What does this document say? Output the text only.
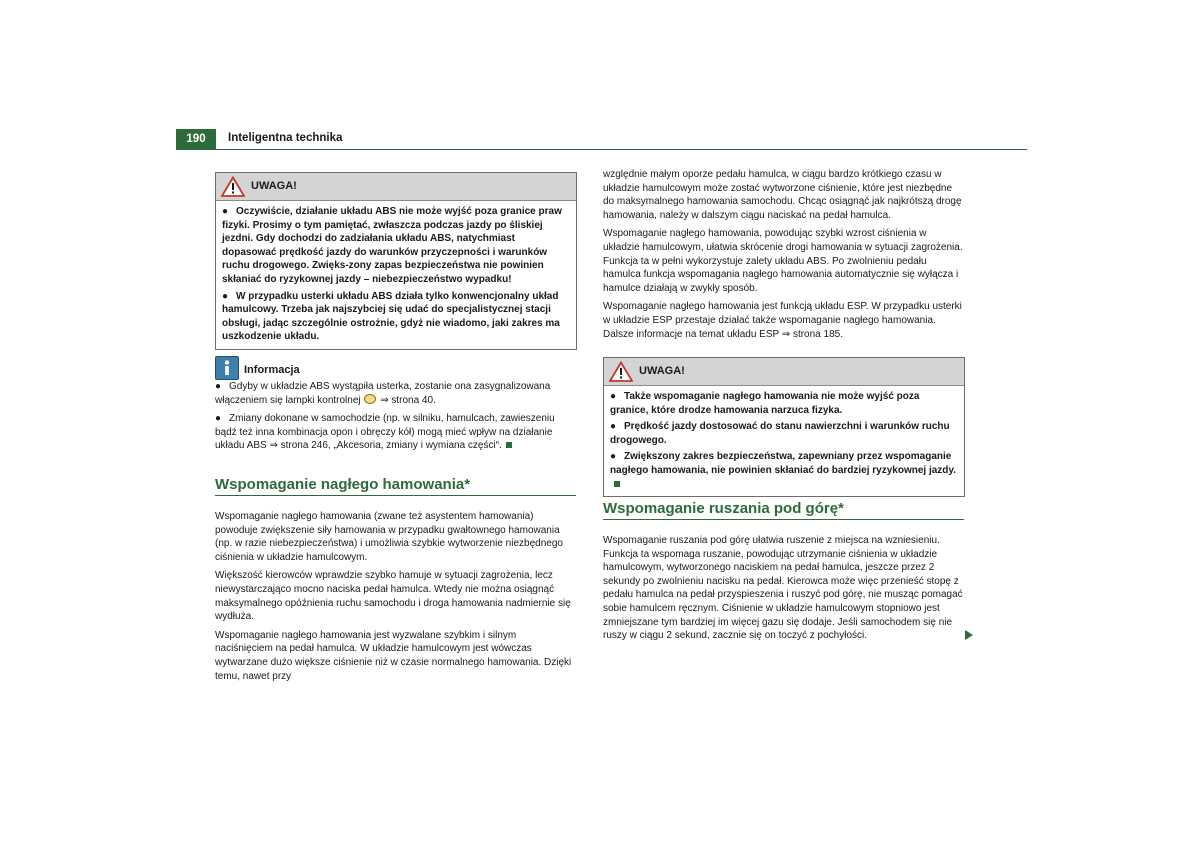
190	Inteligentna technika
UWAGA!

● Oczywiście, działanie układu ABS nie może wyjść poza granice praw fizyki. Prosimy o tym pamiętać, zwłaszcza podczas jazdy po śliskiej jezdni. Gdy dochodzi do zadziałania układu ABS, natychmiast dopasować prędkość jazdy do warunków przyczepności i warunków ruchu drogowego. Zwięks-zony zapas bezpieczeństwa nie powinien skłaniać do ryzykownej jazdy – niebezpieczeństwo wypadku!

● W przypadku usterki układu ABS działa tylko konwencjonalny układ hamulcowy. Trzeba jak najszybciej się udać do specjalistycznej stacji obsługi, jadąc szczególnie ostrożnie, gdyż nie wiadomo, jaki zakres ma uszkodzenie układu.

Informacja

● Gdyby w układzie ABS wystąpiła usterka, zostanie ona zasygnalizowana włączeniem się lampki kontrolnej ⇒ strona 40.

● Zmiany dokonane w samochodzie (np. w silniku, hamulcach, zawieszeniu bądź też inna kombinacja opon i obręczy kół) mogą mieć wpływ na działanie układu ABS ⇒ strona 246, „Akcesoria, zmiany i wymiana części“.

Wspomaganie nagłego hamowania*

Wspomaganie nagłego hamowania (zwane też asystentem hamowania) powoduje zwiększenie siły hamowania w przypadku gwałtownego hamowania (np. w razie niebezpieczeństwa) i umożliwia szybkie wytworzenie niezbędnego ciśnienia w układzie hamulcowym.

Większość kierowców wprawdzie szybko hamuje w sytuacji zagrożenia, lecz niewystarczająco mocno naciska pedał hamulca. Wtedy nie można osiągnąć maksymalnego opóźnienia ruchu samochodu i droga hamowania nadmiernie się wydłuża.

Wspomaganie nagłego hamowania jest wyzwalane szybkim i silnym naciśnięciem na pedał hamulca. W układzie hamulcowym jest wówczas wytwarzane dużo większe ciśnienie niż w czasie normalnego hamowania. Dzięki temu, nawet przy

względnie małym oporze pedału hamulca, w ciągu bardzo krótkiego czasu w układzie hamulcowym może zostać wytworzone ciśnienie, które jest niezbędne do maksymalnego hamowania samochodu. Chcąc osiągnąć jak najkrótszą drogę hamowania, należy w dalszym ciągu naciskać na pedał hamulca.

Wspomaganie nagłego hamowania, powodując szybki wzrost ciśnienia w układzie hamulcowym, ułatwia skrócenie drogi hamowania w sytuacji zagrożenia. Funkcja ta w pełni wykorzystuje zalety układu ABS. Po zwolnieniu pedału hamulca funkcja wspomagania nagłego hamowania automatycznie się wyłącza i hamulce działają w zwykły sposób.

Wspomaganie nagłego hamowania jest funkcją układu ESP. W przypadku usterki w układzie ESP przestaje działać także wspomaganie nagłego hamowania. Dalsze informacje na temat układu ESP ⇒ strona 185.

UWAGA!

● Także wspomaganie nagłego hamowania nie może wyjść poza granice, które drodze hamowania narzuca fizyka.

● Prędkość jazdy dostosować do stanu nawierzchni i warunków ruchu drogowego.

● Zwiększony zakres bezpieczeństwa, zapewniany przez wspomaganie nagłego hamowania, nie powinien skłaniać do bardziej ryzykownej jazdy.

Wspomaganie ruszania pod górę*

Wspomaganie ruszania pod górę ułatwia ruszenie z miejsca na wzniesieniu. Funkcja ta wspomaga ruszanie, powodując utrzymanie ciśnienia w układzie hamulcowym, wytworzonego naciskiem na pedał hamulca, jeszcze przez 2 sekundy po zwolnieniu nacisku na pedał. Kierowca może więc przenieść stopę z pedału hamulca na pedał przyspieszenia i ruszyć pod górę, nie musząc pomagać sobie hamulcem ręcznym. Ciśnienie w układzie hamulcowym stopniowo jest zmniejszane tym bardziej im więcej gazu się dodaje. Jeśli samochodem się nie ruszy w ciągu 2 sekund, zacznie się on toczyć z pochyłości.
